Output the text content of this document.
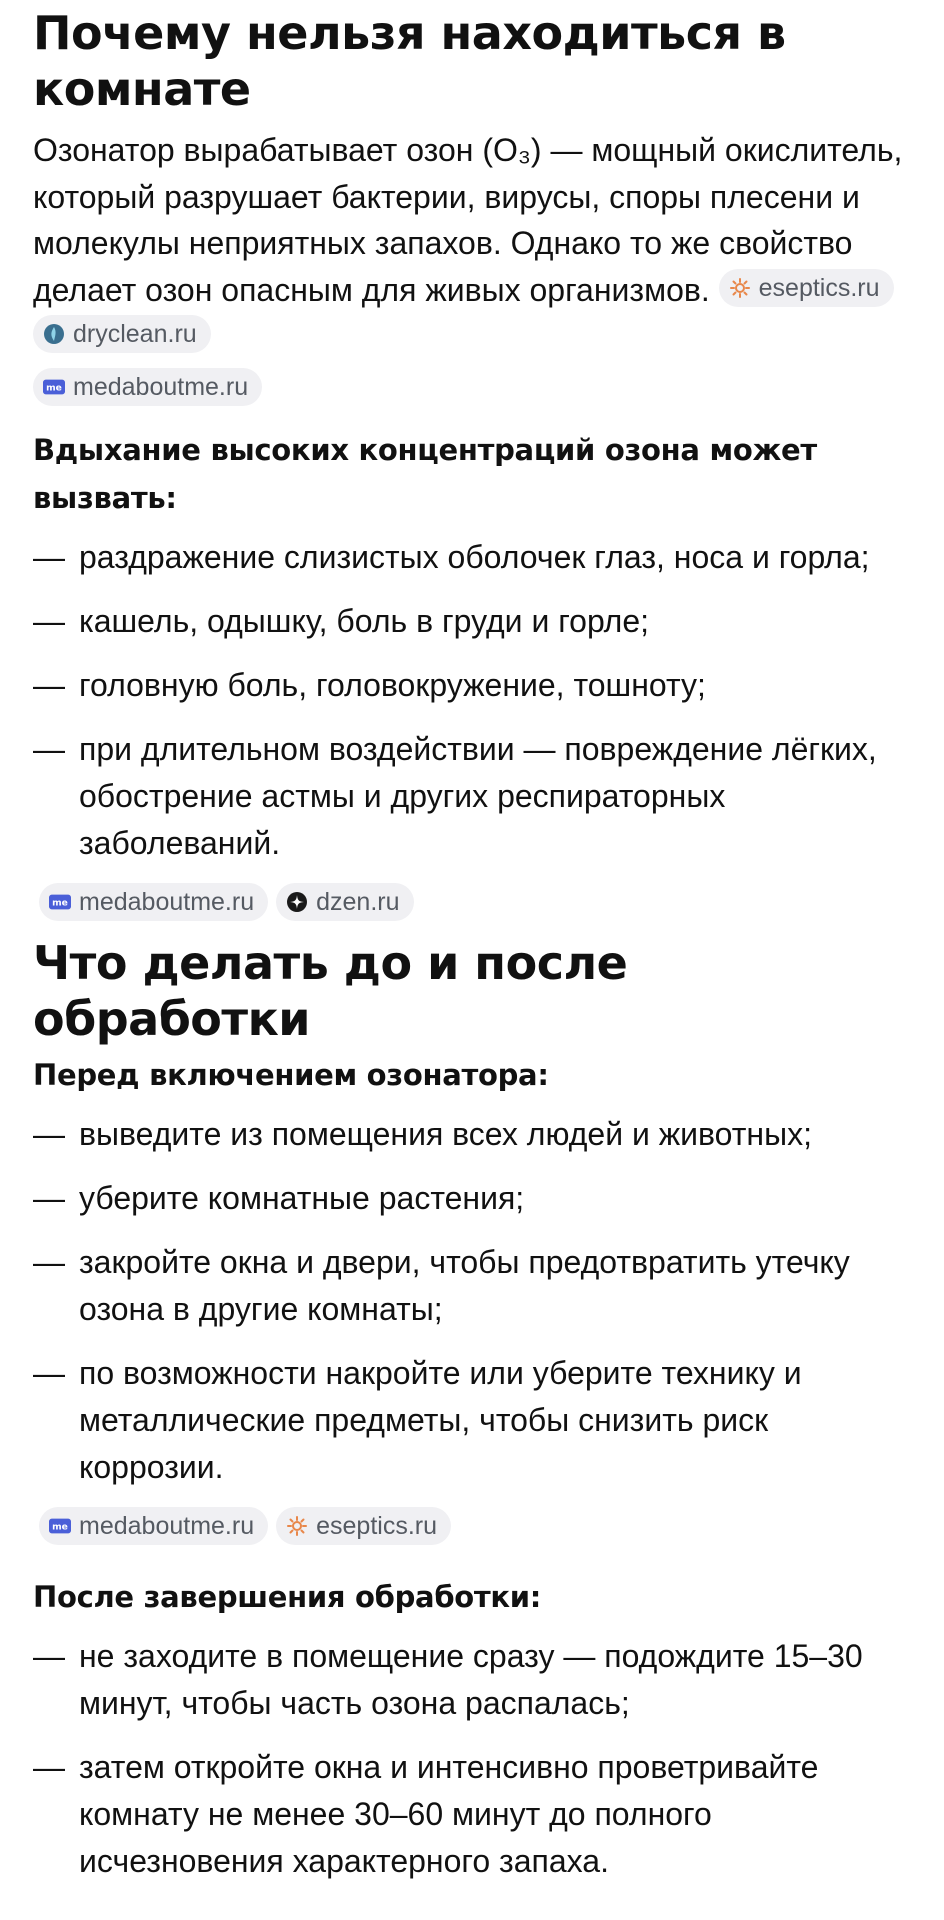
Почему нельзя находиться в комнате

Озонатор вырабатывает озон (O₃) — мощный окислитель, который разрушает бактерии, вирусы, споры плесени и молекулы неприятных запахов. Однако то же свойство делает озон опасным для живых организмов. eseptics.ru
dryclean.ru

me medaboutme.ru
Вдыхание высоких концентраций озона может вызвать:
— раздражение слизистых оболочек глаз, носа и горла;
— кашель, одышку, боль в груди и горле;
— головную боль, головокружение, тошноту;
— при длительном воздействии — повреждение лёгких, обострение астмы и других респираторных заболеваний.
me medaboutme.ru dzen.ru
Что делать до и после обработки
Перед включением озонатора:
— выведите из помещения всех людей и животных;
— уберите комнатные растения;
— закройте окна и двери, чтобы предотвратить утечку озона в другие комнаты;
— по возможности накройте или уберите технику и металлические предметы, чтобы снизить риск коррозии.
me medaboutme.ru eseptics.ru
После завершения обработки:
— не заходите в помещение сразу — подождите 15–30 минут, чтобы часть озона распалась;
— затем откройте окна и интенсивно проветривайте комнату не менее 30–60 минут до полного исчезновения характерного запаха.
